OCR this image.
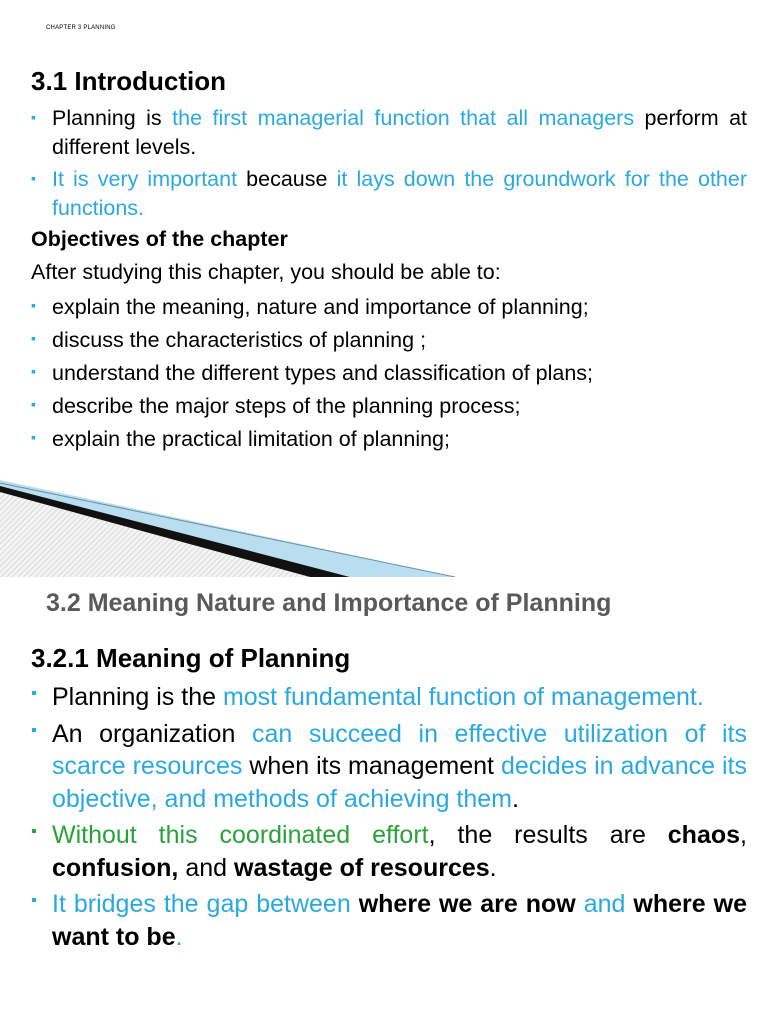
CHAPTER 3 PLANNING
3.1 Introduction
▪ Planning is the first managerial function that all managers perform at different levels.
▪ It is very important because it lays down the groundwork for the other functions.
Objectives of the chapter
After studying this chapter, you should be able to:
▪ explain the meaning, nature and importance of planning;
▪ discuss the characteristics of planning ;
▪ understand the different types and classification of plans;
▪ describe the major steps of the planning process;
▪ explain the practical limitation of planning;
3.2 Meaning Nature and Importance of Planning
3.2.1 Meaning of Planning
▪ Planning is the most fundamental function of management.
▪ An organization can succeed in effective utilization of its scarce resources when its management decides in advance its objective, and methods of achieving them.
▪ Without this coordinated effort, the results are chaos, confusion, and wastage of resources.
▪ It bridges the gap between where we are now and where we want to be.
